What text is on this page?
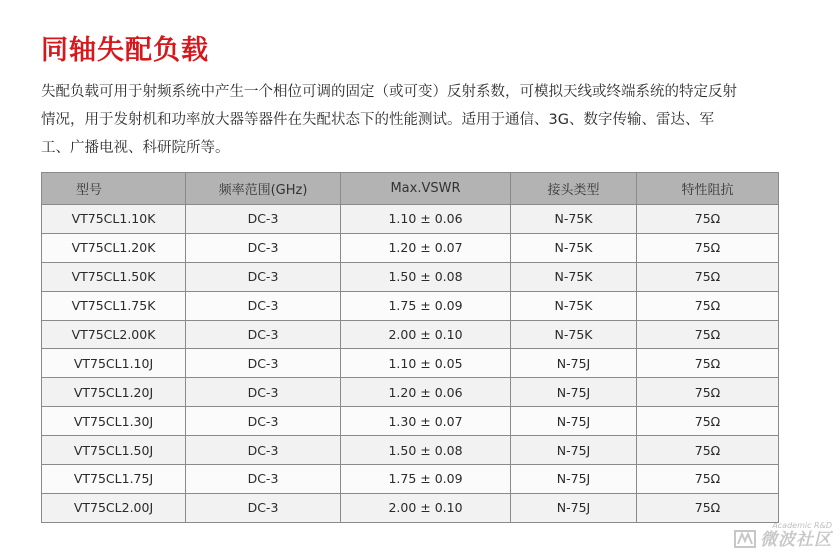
同轴失配负载

失配负载可用于射频系统中产生一个相位可调的固定（或可变）反射系数，可模拟天线或终端系统的特定反射

情况，用于发射机和功率放大器等器件在失配状态下的性能测试。适用于通信、3G、数字传输、雷达、军

工、广播电视、科研院所等。

型号	频率范围(GHz)	Max.VSWR	接头类型	特性阻抗
VT75CL1.10K	DC-3	1.10 ± 0.06	N-75K	75Ω
VT75CL1.20K	DC-3	1.20 ± 0.07	N-75K	75Ω
VT75CL1.50K	DC-3	1.50 ± 0.08	N-75K	75Ω
VT75CL1.75K	DC-3	1.75 ± 0.09	N-75K	75Ω
VT75CL2.00K	DC-3	2.00 ± 0.10	N-75K	75Ω
VT75CL1.10J	DC-3	1.10 ± 0.05	N-75J	75Ω
VT75CL1.20J	DC-3	1.20 ± 0.06	N-75J	75Ω
VT75CL1.30J	DC-3	1.30 ± 0.07	N-75J	75Ω
VT75CL1.50J	DC-3	1.50 ± 0.08	N-75J	75Ω
VT75CL1.75J	DC-3	1.75 ± 0.09	N-75J	75Ω
VT75CL2.00J	DC-3	2.00 ± 0.10	N-75J	75Ω
Academic R&D
微波社区
